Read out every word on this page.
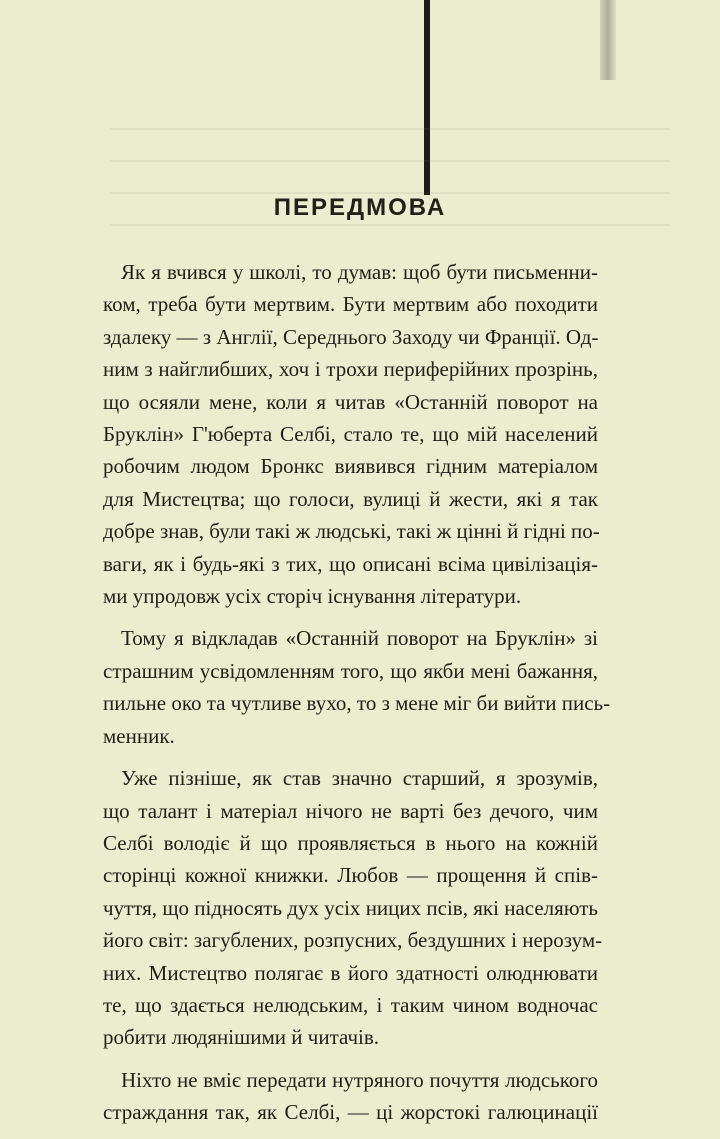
ПЕРЕДМОВА

Як я вчився у школі, то думав: щоб бути письменни-
ком, треба бути мертвим. Бути мертвим або походити
здалеку — з Англії, Середнього Заходу чи Франції. Од-
ним з найглибших, хоч і трохи периферійних прозрінь,
що осяяли мене, коли я читав «Останній поворот на
Бруклін» Г'юберта Селбі, стало те, що мій населений
робочим людом Бронкс виявився гідним матеріалом
для Мистецтва; що голоси, вулиці й жести, які я так
добре знав, були такі ж людські, такі ж цінні й гідні по-
ваги, як і будь-які з тих, що описані всіма цивілізація-
ми упродовж усіх сторіч існування літератури.

Тому я відкладав «Останній поворот на Бруклін» зі
страшним усвідомленням того, що якби мені бажання,
пильне око та чутливе вухо, то з мене міг би вийти пись-
менник.

Уже пізніше, як став значно старший, я зрозумів,
що талант і матеріал нічого не варті без дечого, чим
Селбі володіє й що проявляється в нього на кожній
сторінці кожної книжки. Любов — прощення й спів-
чуття, що підносять дух усіх ницих псів, які населяють
його світ: загублених, розпусних, бездушних і нерозум-
них. Мистецтво полягає в його здатності олюднювати
те, що здається нелюдським, і таким чином водночас
робити людянішими й читачів.

Ніхто не вміє передати нутряного почуття людського
страждання так, як Селбі, — ці жорстокі галюцинації
